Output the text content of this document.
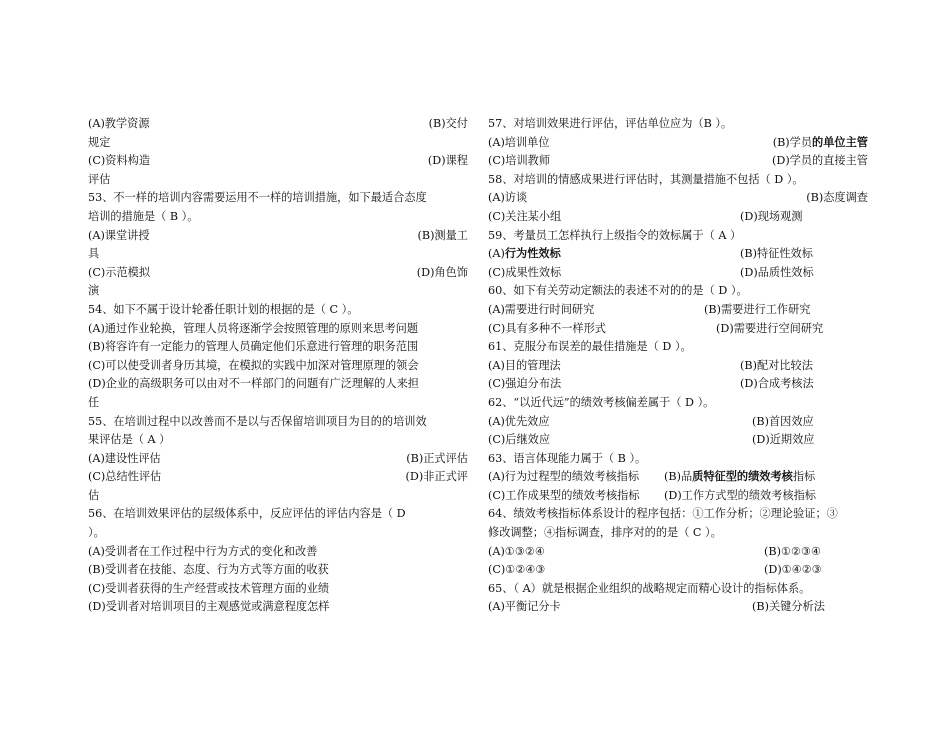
(A)教学资源	(B)交付
规定
(C)资料构造	(D)课程
评估
53、不一样的培训内容需要运用不一样的培训措施，如下最适合态度
培训的措施是（ B ）。
(A)课堂讲授	(B)测量工
具
(C)示范模拟	(D)角色饰
演
54、如下不属于设计轮番任职计划的根据的是（ C ）。
(A)通过作业轮换，管理人员将逐渐学会按照管理的原则来思考问题
(B)将容许有一定能力的管理人员确定他们乐意进行管理的职务范围
(C)可以使受训者身历其境，在模拟的实践中加深对管理原理的领会
(D)企业的高级职务可以由对不一样部门的问题有广泛理解的人来担
任
55、在培训过程中以改善而不是以与否保留培训项目为目的的培训效
果评估是（ A ）
(A)建设性评估	(B)正式评估
(C)总结性评估	(D)非正式评
估
56、在培训效果评估的层级体系中，反应评估的评估内容是（ D
）。
(A)受训者在工作过程中行为方式的变化和改善
(B)受训者在技能、态度、行为方式等方面的收获
(C)受训者获得的生产经营或技术管理方面的业绩
(D)受训者对培训项目的主观感觉或满意程度怎样
57、对培训效果进行评估，评估单位应为（B ）。
(A)培训单位	(B)学员的单位主管
(C)培训教师	(D)学员的直接主管
58、对培训的情感成果进行评估时，其测量措施不包括（ D ）。
(A)访谈	(B)态度调查
(C)关注某小组	(D)现场观测
59、考量员工怎样执行上级指令的效标属于（ A ）
(A)行为性效标	(B)特征性效标
(C)成果性效标	(D)品质性效标
60、如下有关劳动定额法的表述不对的的是（ D ）。
(A)需要进行时间研究	(B)需要进行工作研究
(C)具有多种不一样形式	(D)需要进行空间研究
61、克服分布误差的最佳措施是（ D ）。
(A)目的管理法	(B)配对比较法
(C)强迫分布法	(D)合成考核法
62、“以近代远”的绩效考核偏差属于（ D ）。
(A)优先效应	(B)首因效应
(C)后继效应	(D)近期效应
63、语言体现能力属于（ B ）。
(A)行为过程型的绩效考核指标 (B)品质特征型的绩效考核指标
(C)工作成果型的绩效考核指标 (D)工作方式型的绩效考核指标
64、绩效考核指标体系设计的程序包括：①工作分析；②理论验证；③
修改调整；④指标调查，排序对的的是（ C ）。
(A)①③②④	(B)①②③④
(C)①②④③	(D)①④②③
65、（ A）就是根据企业组织的战略规定而精心设计的指标体系。
(A)平衡记分卡	(B)关键分析法
